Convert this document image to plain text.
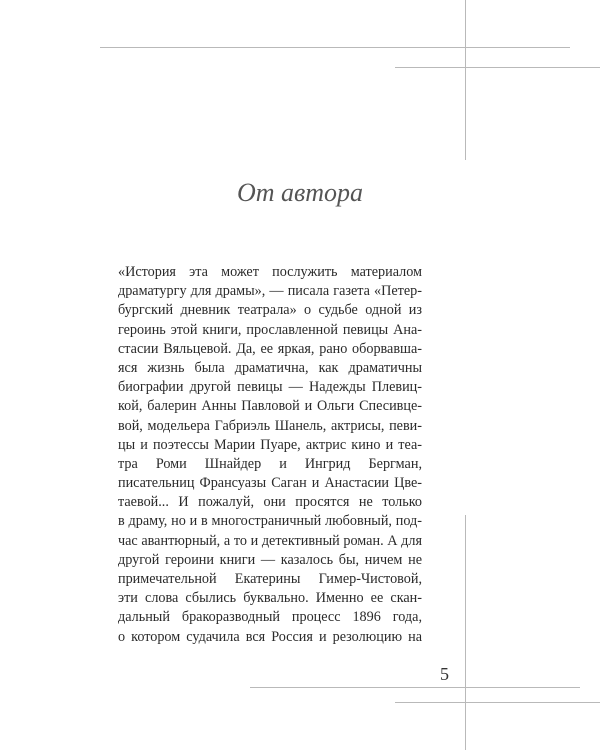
От автора
«История эта может послужить материалом
драматургу для драмы», — писала газета «Петер-
бургский дневник театрала» о судьбе одной из
героинь этой книги, прославленной певицы Ана-
стасии Вяльцевой. Да, ее яркая, рано оборвавша-
яся жизнь была драматична, как драматичны
биографии другой певицы — Надежды Плевиц-
кой, балерин Анны Павловой и Ольги Спесивце-
вой, модельера Габриэль Шанель, актрисы, певи-
цы и поэтессы Марии Пуаре, актрис кино и теа-
тра Роми Шнайдер и Ингрид Бергман,
писательниц Франсуазы Саган и Анастасии Цве-
таевой... И пожалуй, они просятся не только
в драму, но и в многостраничный любовный, под-
час авантюрный, а то и детективный роман. А для
другой героини книги — казалось бы, ничем не
примечательной Екатерины Гимер-Чистовой,
эти слова сбылись буквально. Именно ее скан-
дальный бракоразводный процесс 1896 года,
о котором судачила вся Россия и резолюцию на
5
